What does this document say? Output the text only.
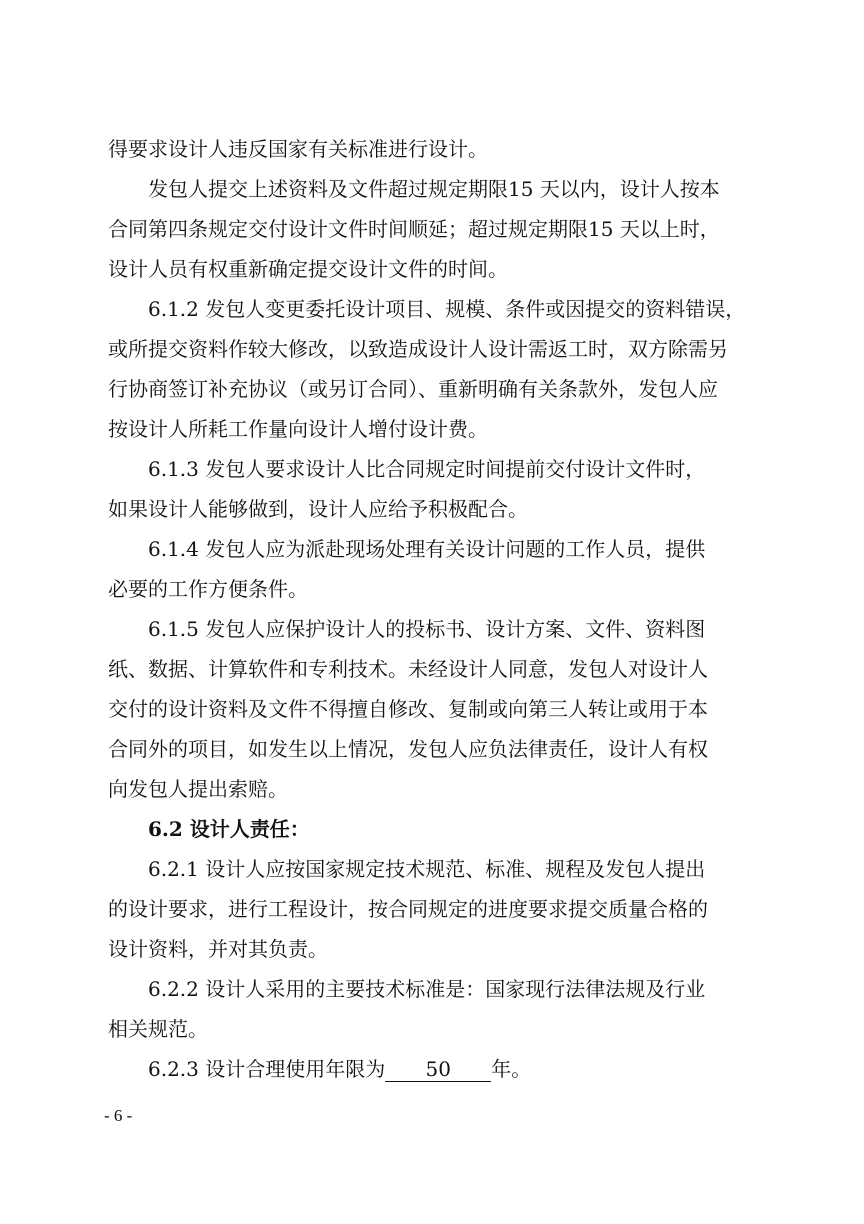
得要求设计人违反国家有关标准进行设计。

发包人提交上述资料及文件超过规定期限15 天以内，设计人按本

合同第四条规定交付设计文件时间顺延；超过规定期限15 天以上时，

设计人员有权重新确定提交设计文件的时间。

6.1.2 发包人变更委托设计项目、规模、条件或因提交的资料错误，

或所提交资料作较大修改，以致造成设计人设计需返工时，双方除需另

行协商签订补充协议（或另订合同）、重新明确有关条款外，发包人应

按设计人所耗工作量向设计人增付设计费。

6.1.3 发包人要求设计人比合同规定时间提前交付设计文件时，

如果设计人能够做到，设计人应给予积极配合。

6.1.4 发包人应为派赴现场处理有关设计问题的工作人员，提供

必要的工作方便条件。

6.1.5 发包人应保护设计人的投标书、设计方案、文件、资料图

纸、数据、计算软件和专利技术。未经设计人同意，发包人对设计人

交付的设计资料及文件不得擅自修改、复制或向第三人转让或用于本

合同外的项目，如发生以上情况，发包人应负法律责任，设计人有权

向发包人提出索赔。

6.2 设计人责任：

6.2.1 设计人应按国家规定技术规范、标准、规程及发包人提出

的设计要求，进行工程设计，按合同规定的进度要求提交质量合格的

设计资料，并对其负责。

6.2.2 设计人采用的主要技术标准是：国家现行法律法规及行业

相关规范。

6.2.3 设计合理使用年限为 50 年。

- 6 -
